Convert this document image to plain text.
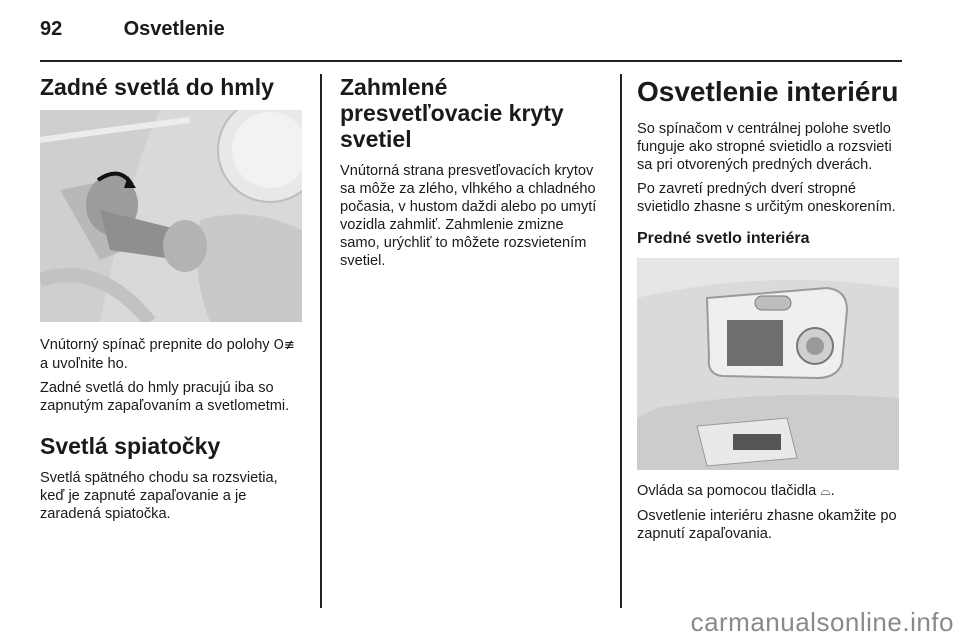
92	Osvetlenie
Zadné svetlá do hmly

Vnútorný spínač prepnite do polohy O≢ a uvoľnite ho.

Zadné svetlá do hmly pracujú iba so zapnutým zapaľovaním a svetlometmi.

Svetlá spiatočky

Svetlá spätného chodu sa rozsvietia, keď je zapnuté zapaľovanie a je zaradená spiatočka.

Zahmlené presvetľovacie kryty svetiel

Vnútorná strana presvetľovacích krytov sa môže za zlého, vlhkého a chladného počasia, v hustom daždi alebo po umytí vozidla zahmliť. Zahmlenie zmizne samo, urýchliť to môžete rozsvietením svetiel.

Osvetlenie interiéru

So spínačom v centrálnej polohe svetlo funguje ako stropné svietidlo a rozsvieti sa pri otvorených predných dverách.

Po zavretí predných dverí stropné svietidlo zhasne s určitým oneskorením.

Predné svetlo interiéra

Ovláda sa pomocou tlačidla ⌓.

Osvetlenie interiéru zhasne okamžite po zapnutí zapaľovania.

carmanualsonline.info
